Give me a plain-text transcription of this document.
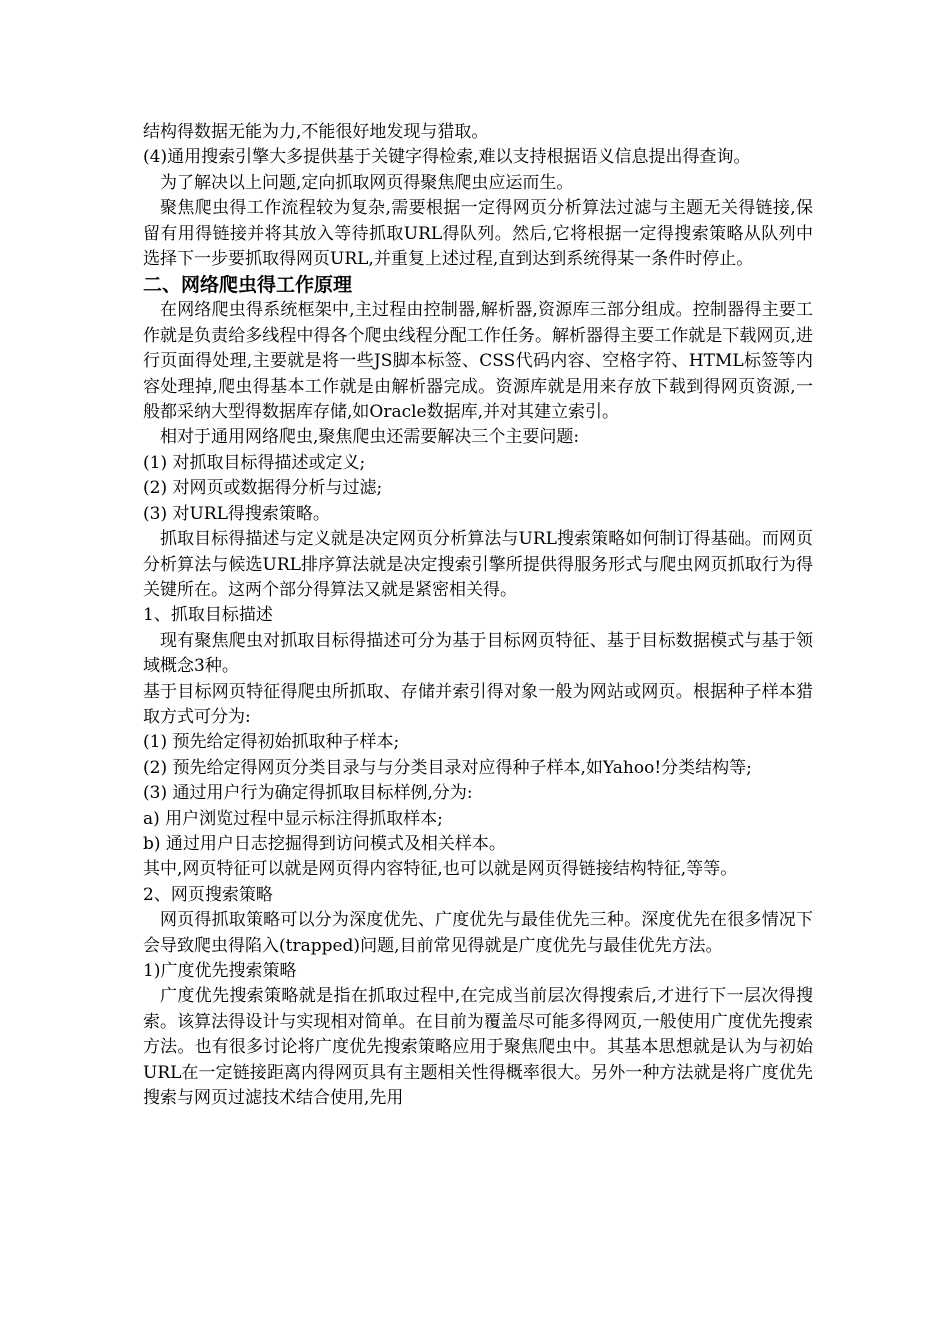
结构得数据无能为力,不能很好地发现与猎取。

(4)通用搜索引擎大多提供基于关键字得检索,难以支持根据语义信息提出得查询。

为了解决以上问题,定向抓取网页得聚焦爬虫应运而生。

聚焦爬虫得工作流程较为复杂,需要根据一定得网页分析算法过滤与主题无关得链接,保留有用得链接并将其放入等待抓取URL得队列。然后,它将根据一定得搜索策略从队列中选择下一步要抓取得网页URL,并重复上述过程,直到达到系统得某一条件时停止。

二、网络爬虫得工作原理

在网络爬虫得系统框架中,主过程由控制器,解析器,资源库三部分组成。控制器得主要工作就是负责给多线程中得各个爬虫线程分配工作任务。解析器得主要工作就是下载网页,进行页面得处理,主要就是将一些JS脚本标签、CSS代码内容、空格字符、HTML标签等内容处理掉,爬虫得基本工作就是由解析器完成。资源库就是用来存放下载到得网页资源,一般都采纳大型得数据库存储,如Oracle数据库,并对其建立索引。

相对于通用网络爬虫,聚焦爬虫还需要解决三个主要问题:

(1) 对抓取目标得描述或定义;

(2) 对网页或数据得分析与过滤;

(3) 对URL得搜索策略。

抓取目标得描述与定义就是决定网页分析算法与URL搜索策略如何制订得基础。而网页分析算法与候选URL排序算法就是决定搜索引擎所提供得服务形式与爬虫网页抓取行为得关键所在。这两个部分得算法又就是紧密相关得。

1、抓取目标描述

现有聚焦爬虫对抓取目标得描述可分为基于目标网页特征、基于目标数据模式与基于领域概念3种。

基于目标网页特征得爬虫所抓取、存储并索引得对象一般为网站或网页。根据种子样本猎取方式可分为:

(1) 预先给定得初始抓取种子样本;

(2) 预先给定得网页分类目录与与分类目录对应得种子样本,如Yahoo!分类结构等;

(3) 通过用户行为确定得抓取目标样例,分为:

a) 用户浏览过程中显示标注得抓取样本;

b) 通过用户日志挖掘得到访问模式及相关样本。

其中,网页特征可以就是网页得内容特征,也可以就是网页得链接结构特征,等等。

2、网页搜索策略

网页得抓取策略可以分为深度优先、广度优先与最佳优先三种。深度优先在很多情况下会导致爬虫得陷入(trapped)问题,目前常见得就是广度优先与最佳优先方法。

1)广度优先搜索策略

广度优先搜索策略就是指在抓取过程中,在完成当前层次得搜索后,才进行下一层次得搜索。该算法得设计与实现相对简单。在目前为覆盖尽可能多得网页,一般使用广度优先搜索方法。也有很多讨论将广度优先搜索策略应用于聚焦爬虫中。其基本思想就是认为与初始URL在一定链接距离内得网页具有主题相关性得概率很大。另外一种方法就是将广度优先搜索与网页过滤技术结合使用,先用
